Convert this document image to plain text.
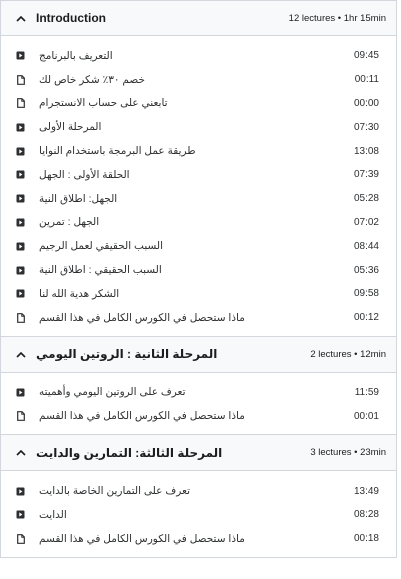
Introduction	12 lectures • 1hr 15min
التعريف بالبرنامج	09:45
خصم ٣٠٪ شكر خاص لك	00:11
تابعني على حساب الانستجرام	00:00
المرحلة الأولى	07:30
طريقة عمل البرمجة باستخدام النوايا	13:08
الحلقة الأولى : الجهل	07:39
الجهل: اطلاق النية	05:28
الجهل : تمرين	07:02
السبب الحقيقي لعمل الرجيم	08:44
السبب الحقيقي : اطلاق النية	05:36
الشكر هدية الله لنا	09:58
ماذا ستحصل في الكورس الكامل في هذا القسم	00:12
المرحلة الثانية : الروتين اليومي	2 lectures • 12min
تعرف على الروتين اليومي وأهميته	11:59
ماذا ستحصل في الكورس الكامل في هذا القسم	00:01
المرحلة الثالثة: التمارين والدايت	3 lectures • 23min
تعرف على التمارين الخاصة بالدايت	13:49
الدايت	08:28
ماذا ستحصل في الكورس الكامل في هذا القسم	00:18
